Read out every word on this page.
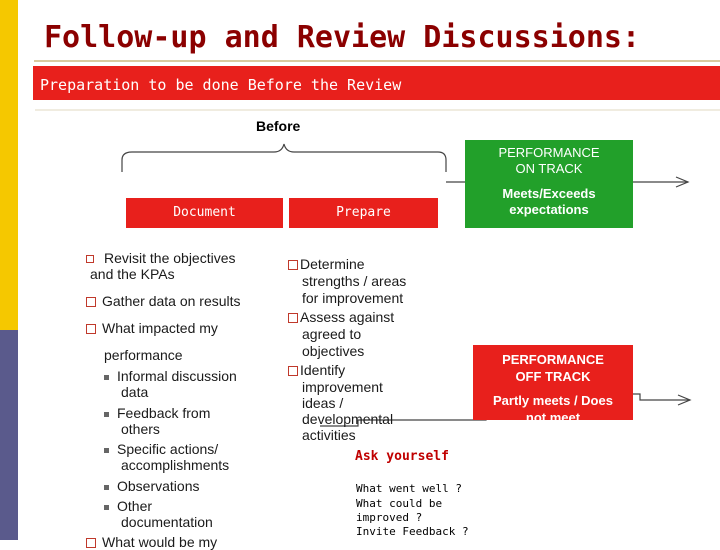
Follow-up and Review Discussions:
Preparation to be done Before the Review
Before
Document	Prepare
PERFORMANCE
ON TRACK
Meets/Exceeds
expectations
PERFORMANCE
OFF TRACK
Partly meets / Does
not meet
expectations
Revisit the objectives
and the KPAs
Gather data on results
What impacted my
performance
Informal discussion
data
Feedback from
others
Specific actions/
accomplishments
Observations
Other
documentation
What would be my
Determine
strengths / areas
for improvement
Assess against
agreed to
objectives
Identify
improvement
ideas /
developmental
activities
Ask yourself
What went well ?
What could be
improved ?
Invite Feedback ?
